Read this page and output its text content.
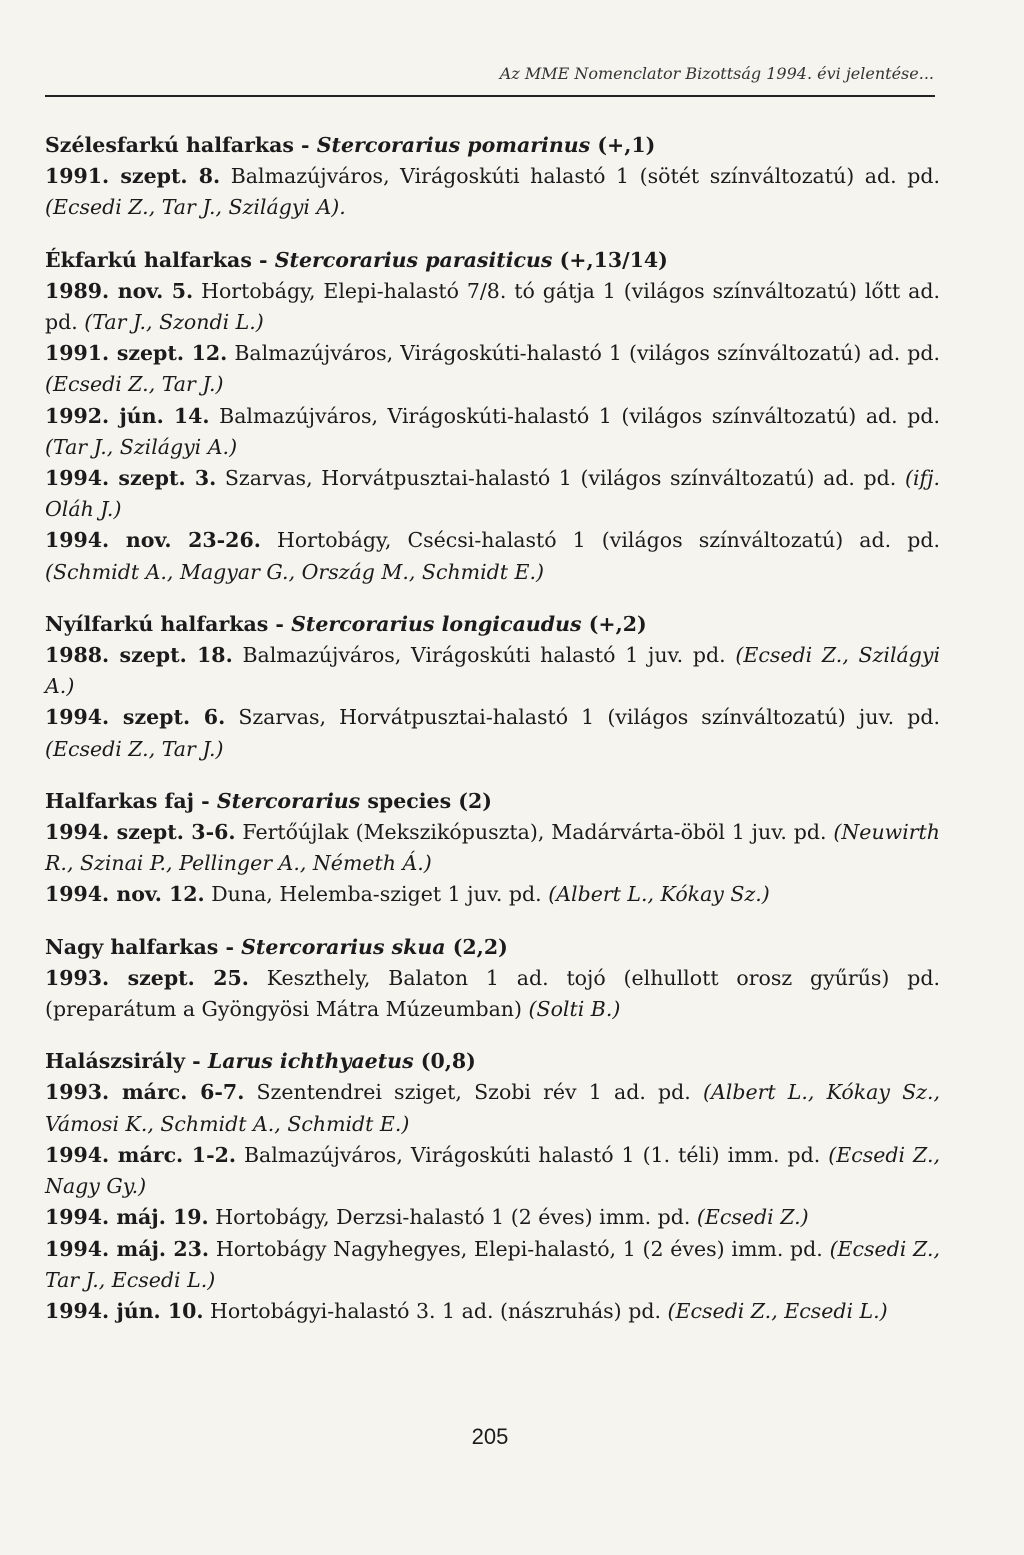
Az MME Nomenclator Bizottság 1994. évi jelentése...
Szélesfarkú halfarkas - Stercorarius pomarinus (+,1)
1991. szept. 8. Balmazújváros, Virágoskúti halastó 1 (sötét színváltozatú) ad. pd. (Ecsedi Z., Tar J., Szilágyi A).
Ékfarkú halfarkas - Stercorarius parasiticus (+,13/14)
1989. nov. 5. Hortobágy, Elepi-halastó 7/8. tó gátja 1 (világos színváltozatú) lőtt ad. pd. (Tar J., Szondi L.)
1991. szept. 12. Balmazújváros, Virágoskúti-halastó 1 (világos színváltozatú) ad. pd. (Ecsedi Z., Tar J.)
1992. jún. 14. Balmazújváros, Virágoskúti-halastó 1 (világos színváltozatú) ad. pd. (Tar J., Szilágyi A.)
1994. szept. 3. Szarvas, Horvátpusztai-halastó 1 (világos színváltozatú) ad. pd. (ifj. Oláh J.)
1994. nov. 23-26. Hortobágy, Csécsi-halastó 1 (világos színváltozatú) ad. pd. (Schmidt A., Magyar G., Ország M., Schmidt E.)
Nyílfarkú halfarkas - Stercorarius longicaudus (+,2)
1988. szept. 18. Balmazújváros, Virágoskúti halastó 1 juv. pd. (Ecsedi Z., Szilágyi A.)
1994. szept. 6. Szarvas, Horvátpusztai-halastó 1 (világos színváltozatú) juv. pd. (Ecsedi Z., Tar J.)
Halfarkas faj - Stercorarius species (2)
1994. szept. 3-6. Fertőújlak (Mekszikópuszta), Madárvárta-öböl 1 juv. pd. (Neuwirth R., Szinai P., Pellinger A., Németh Á.)
1994. nov. 12. Duna, Helemba-sziget 1 juv. pd. (Albert L., Kókay Sz.)
Nagy halfarkas - Stercorarius skua (2,2)
1993. szept. 25. Keszthely, Balaton 1 ad. tojó (elhullott orosz gyűrűs) pd. (preparátum a Gyöngyösi Mátra Múzeumban) (Solti B.)
Halászsirály - Larus ichthyaetus (0,8)
1993. márc. 6-7. Szentendrei sziget, Szobi rév 1 ad. pd. (Albert L., Kókay Sz., Vámosi K., Schmidt A., Schmidt E.)
1994. márc. 1-2. Balmazújváros, Virágoskúti halastó 1 (1. téli) imm. pd. (Ecsedi Z., Nagy Gy.)
1994. máj. 19. Hortobágy, Derzsi-halastó 1 (2 éves) imm. pd. (Ecsedi Z.)
1994. máj. 23. Hortobágy Nagyhegyes, Elepi-halastó, 1 (2 éves) imm. pd. (Ecsedi Z., Tar J., Ecsedi L.)
1994. jún. 10. Hortobágyi-halastó 3. 1 ad. (nászruhás) pd. (Ecsedi Z., Ecsedi L.)
205
